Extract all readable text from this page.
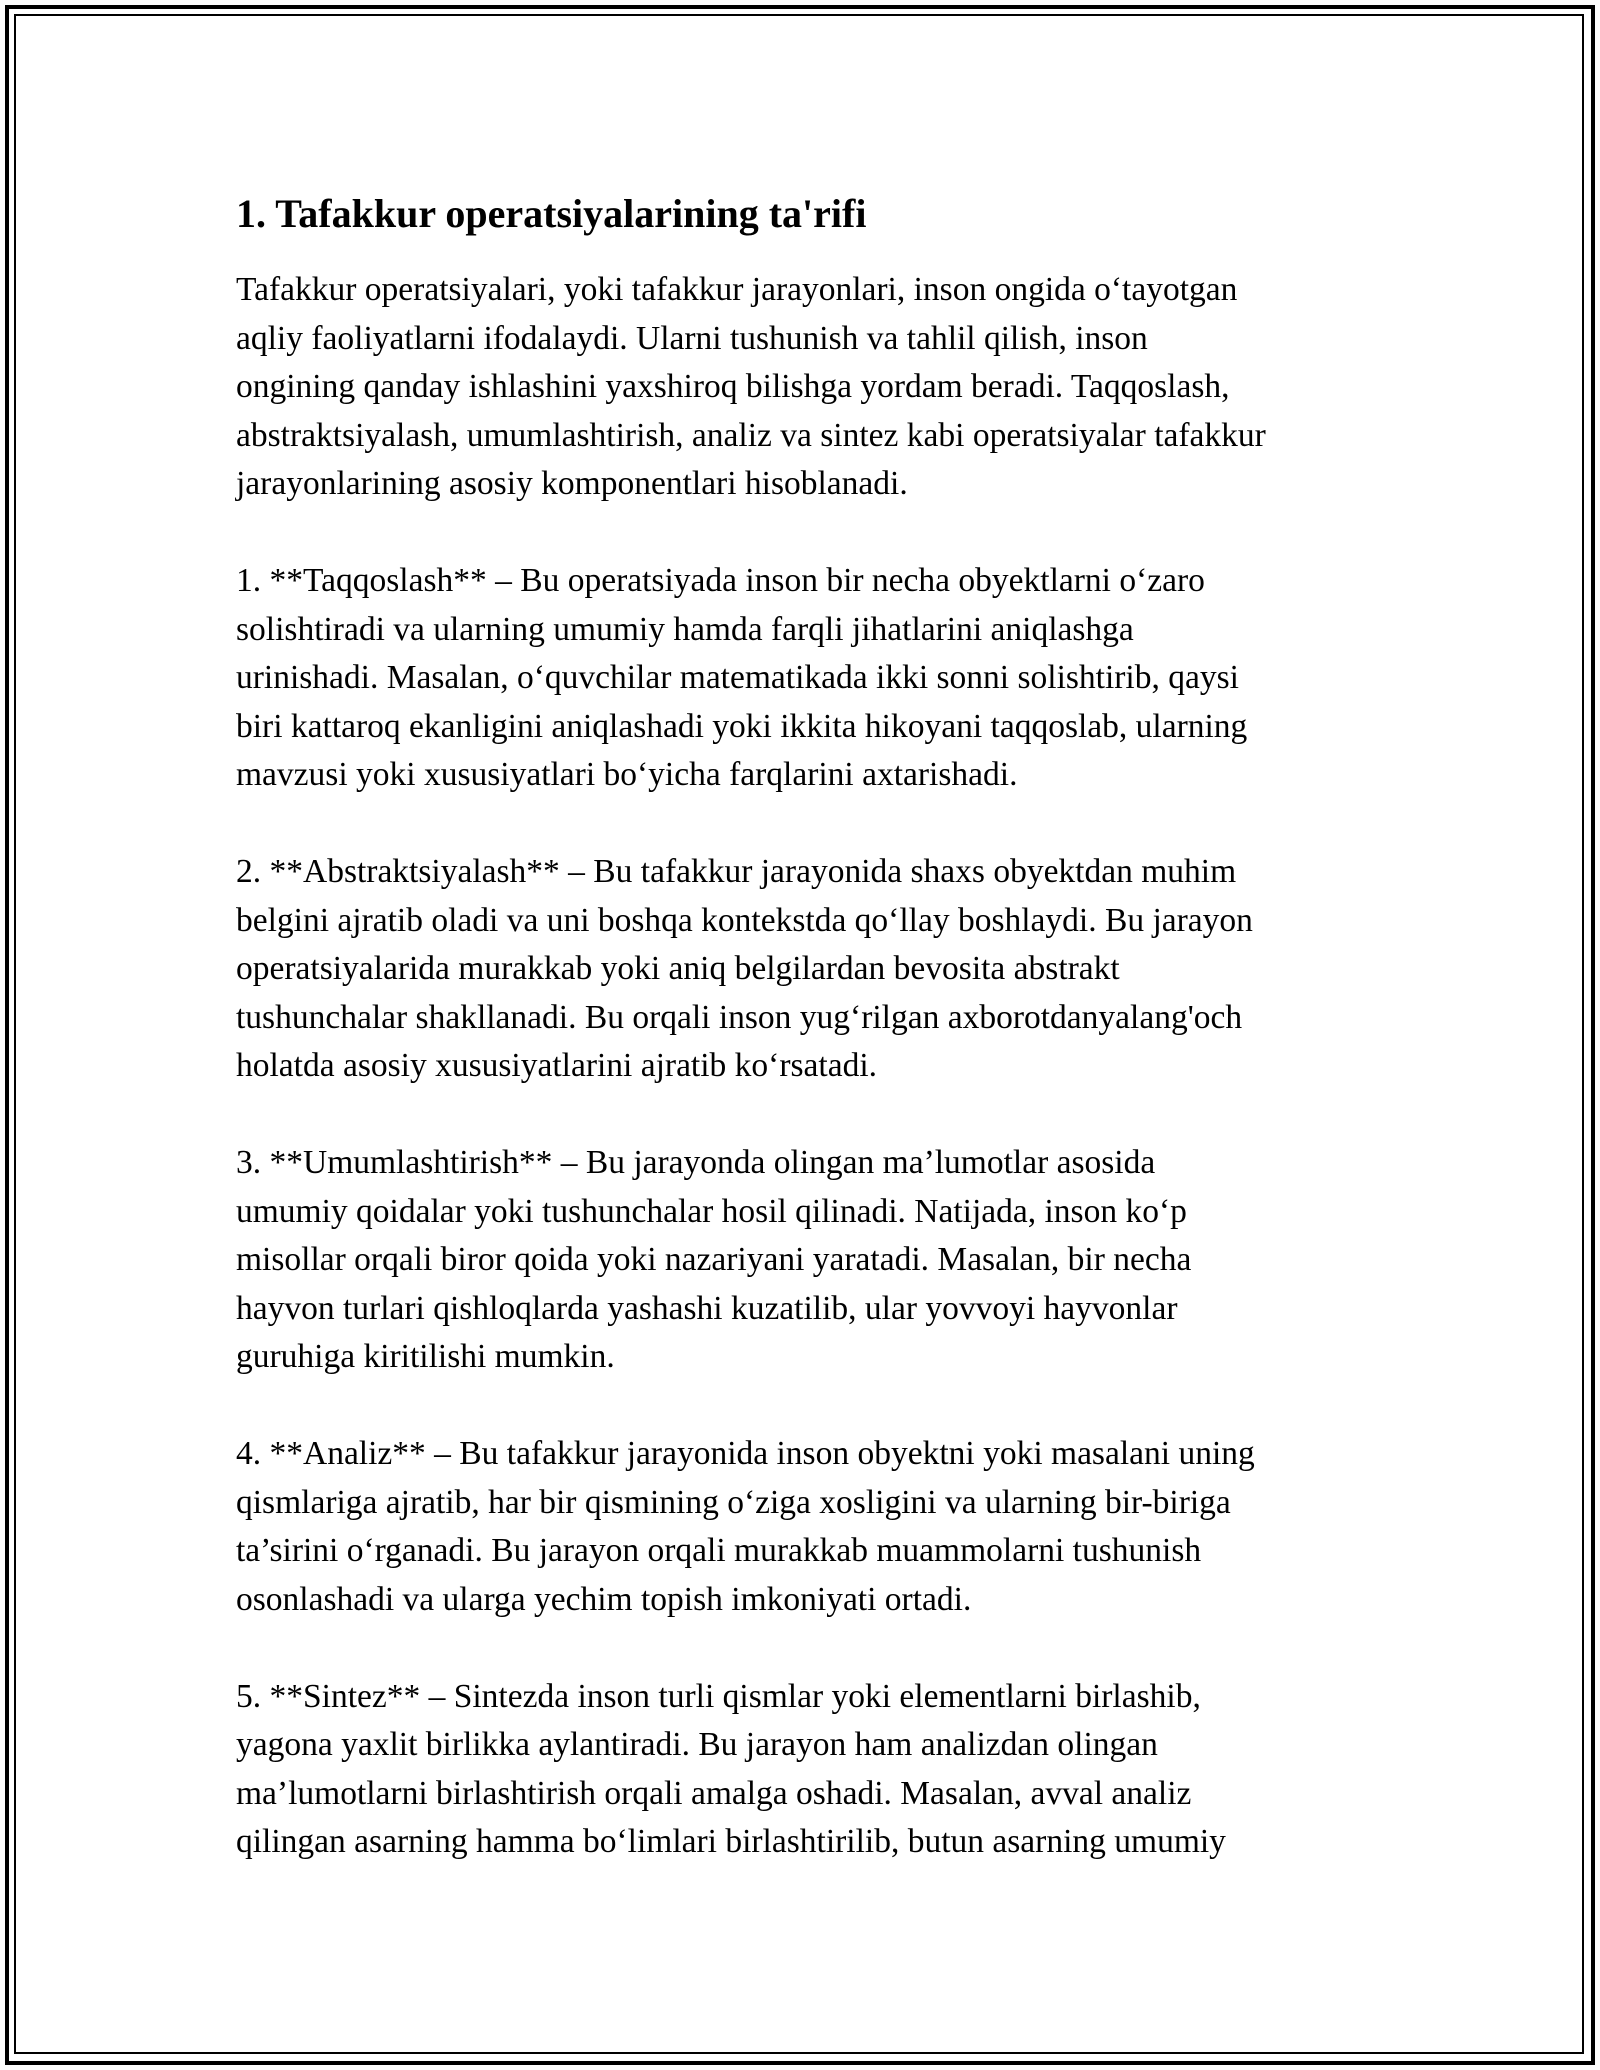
1. Tafakkur operatsiyalarining ta'rifi
Tafakkur operatsiyalari, yoki tafakkur jarayonlari, inson ongida o‘tayotgan
aqliy faoliyatlarni ifodalaydi. Ularni tushunish va tahlil qilish, inson
ongining qanday ishlashini yaxshiroq bilishga yordam beradi. Taqqoslash,
abstraktsiyalash, umumlashtirish, analiz va sintez kabi operatsiyalar tafakkur
jarayonlarining asosiy komponentlari hisoblanadi.
1. **Taqqoslash** – Bu operatsiyada inson bir necha obyektlarni o‘zaro
solishtiradi va ularning umumiy hamda farqli jihatlarini aniqlashga
urinishadi. Masalan, o‘quvchilar matematikada ikki sonni solishtirib, qaysi
biri kattaroq ekanligini aniqlashadi yoki ikkita hikoyani taqqoslab, ularning
mavzusi yoki xususiyatlari bo‘yicha farqlarini axtarishadi.
2. **Abstraktsiyalash** – Bu tafakkur jarayonida shaxs obyektdan muhim
belgini ajratib oladi va uni boshqa kontekstda qo‘llay boshlaydi. Bu jarayon
operatsiyalarida murakkab yoki aniq belgilardan bevosita abstrakt
tushunchalar shakllanadi. Bu orqali inson yug‘rilgan axborotdanyalang'och
holatda asosiy xususiyatlarini ajratib ko‘rsatadi.
3. **Umumlashtirish** – Bu jarayonda olingan ma’lumotlar asosida
umumiy qoidalar yoki tushunchalar hosil qilinadi. Natijada, inson ko‘p
misollar orqali biror qoida yoki nazariyani yaratadi. Masalan, bir necha
hayvon turlari qishloqlarda yashashi kuzatilib, ular yovvoyi hayvonlar
guruhiga kiritilishi mumkin.
4. **Analiz** – Bu tafakkur jarayonida inson obyektni yoki masalani uning
qismlariga ajratib, har bir qismining o‘ziga xosligini va ularning bir-biriga
ta’sirini o‘rganadi. Bu jarayon orqali murakkab muammolarni tushunish
osonlashadi va ularga yechim topish imkoniyati ortadi.
5. **Sintez** – Sintezda inson turli qismlar yoki elementlarni birlashib,
yagona yaxlit birlikka aylantiradi. Bu jarayon ham analizdan olingan
ma’lumotlarni birlashtirish orqali amalga oshadi. Masalan, avval analiz
qilingan asarning hamma bo‘limlari birlashtirilib, butun asarning umumiy
